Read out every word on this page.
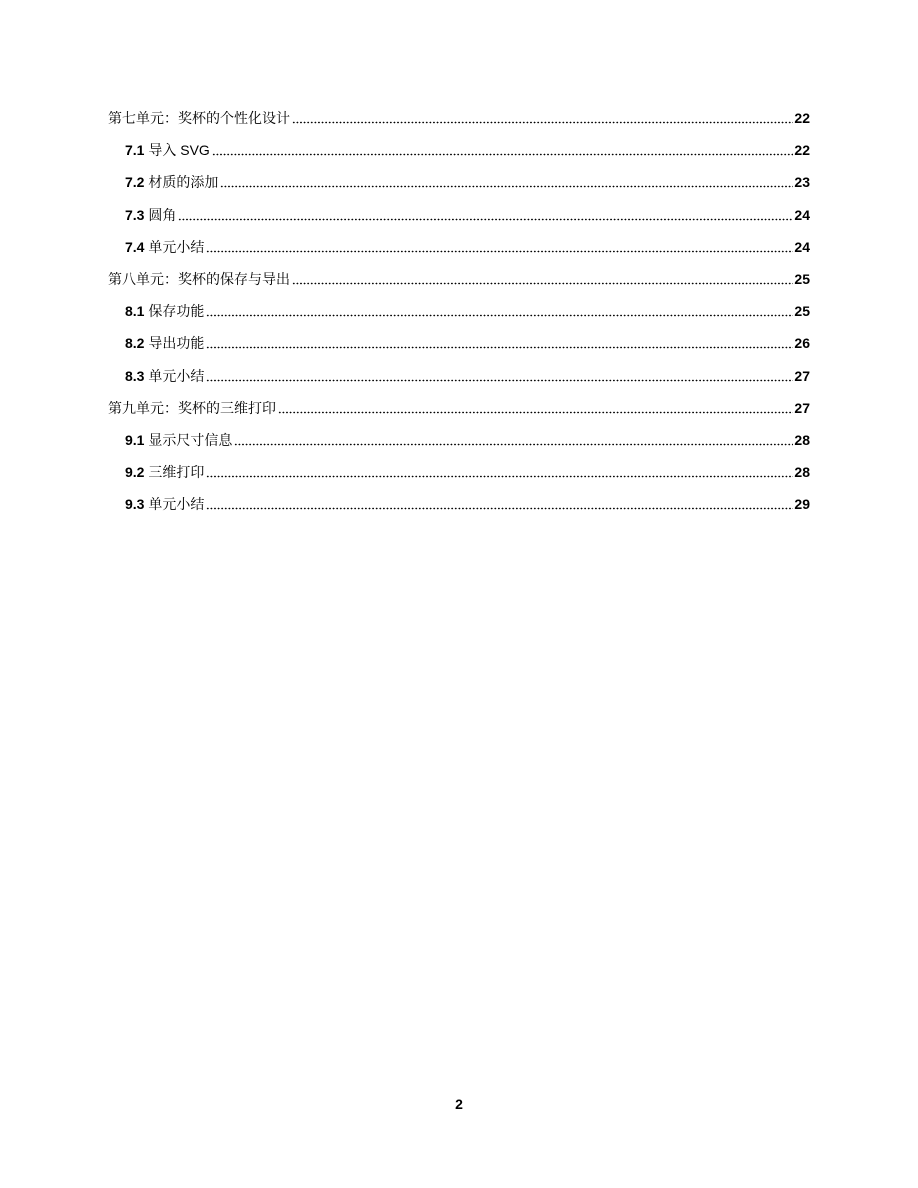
第七单元：奖杯的个性化设计	22
7.1 导入 SVG	22
7.2 材质的添加	23
7.3 圆角	24
7.4 单元小结	24
第八单元：奖杯的保存与导出	25
8.1 保存功能	25
8.2 导出功能	26
8.3 单元小结	27
第九单元：奖杯的三维打印	27
9.1 显示尺寸信息	28
9.2 三维打印	28
9.3 单元小结	29
2
